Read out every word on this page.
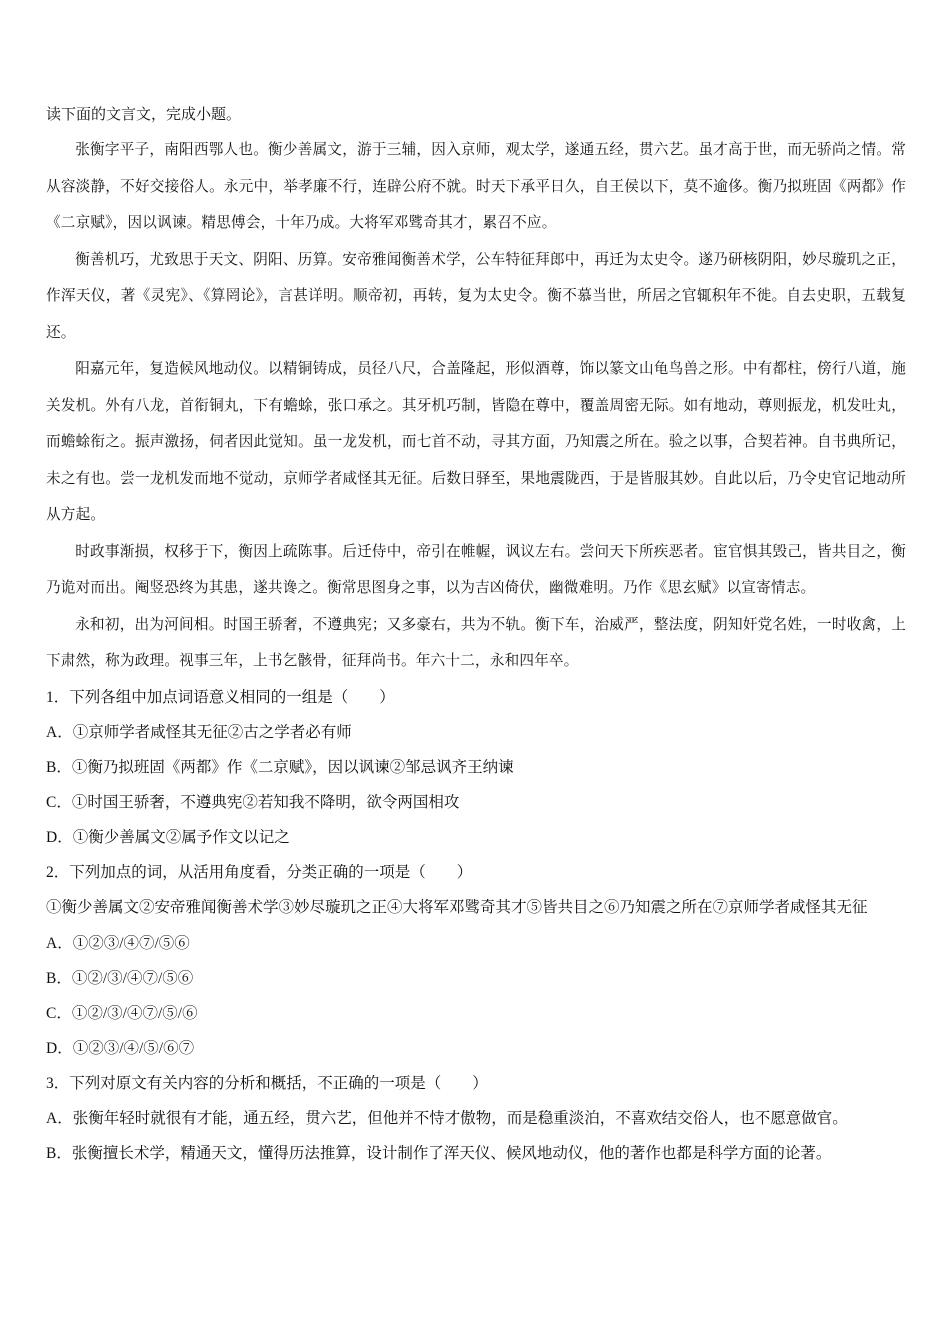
读下面的文言文，完成小题。

张衡字平子，南阳西鄂人也。衡少善属文，游于三辅，因入京师，观太学，遂通五经，贯六艺。虽才高于世，而无骄尚之情。常从容淡静，不好交接俗人。永元中，举孝廉不行，连辟公府不就。时天下承平日久，自王侯以下，莫不逾侈。衡乃拟班固《两都》作《二京赋》，因以讽谏。精思傅会，十年乃成。大将军邓骘奇其才，累召不应。

衡善机巧，尤致思于天文、阴阳、历算。安帝雅闻衡善术学，公车特征拜郎中，再迁为太史令。遂乃研核阴阳，妙尽璇玑之正，作浑天仪，著《灵宪》、《算罔论》，言甚详明。顺帝初，再转，复为太史令。衡不慕当世，所居之官辄积年不徙。自去史职，五载复还。

阳嘉元年，复造候风地动仪。以精铜铸成，员径八尺，合盖隆起，形似酒尊，饰以篆文山龟鸟兽之形。中有都柱，傍行八道，施关发机。外有八龙，首衔铜丸，下有蟾蜍，张口承之。其牙机巧制，皆隐在尊中，覆盖周密无际。如有地动，尊则振龙，机发吐丸，而蟾蜍衔之。振声激扬，伺者因此觉知。虽一龙发机，而七首不动，寻其方面，乃知震之所在。验之以事，合契若神。自书典所记，未之有也。尝一龙机发而地不觉动，京师学者咸怪其无征。后数日驿至，果地震陇西，于是皆服其妙。自此以后，乃令史官记地动所从方起。

时政事渐损，权移于下，衡因上疏陈事。后迁侍中，帝引在帷幄，讽议左右。尝问天下所疾恶者。宦官惧其毁己，皆共目之，衡乃诡对而出。阉竖恐终为其患，遂共谗之。衡常思图身之事，以为吉凶倚伏，幽微难明。乃作《思玄赋》以宣寄情志。

永和初，出为河间相。时国王骄奢，不遵典宪；又多豪右，共为不轨。衡下车，治威严，整法度，阴知奸党名姓，一时收禽，上下肃然，称为政理。视事三年，上书乞骸骨，征拜尚书。年六十二，永和四年卒。

1．下列各组中加点词语意义相同的一组是（　　）

A．①京师学者咸怪其无征②古之学者必有师
B．①衡乃拟班固《两都》作《二京赋》，因以讽谏②邹忌讽齐王纳谏
C．①时国王骄奢，不遵典宪②若知我不降明，欲令两国相攻
D．①衡少善属文②属予作文以记之

2．下列加点的词，从活用角度看，分类正确的一项是（　　）

①衡少善属文②安帝雅闻衡善术学③妙尽璇玑之正④大将军邓骘奇其才⑤皆共目之⑥乃知震之所在⑦京师学者咸怪其无征

A．①②③/④⑦/⑤⑥
B．①②/③/④⑦/⑤⑥
C．①②/③/④⑦/⑤/⑥
D．①②③/④/⑤/⑥⑦

3．下列对原文有关内容的分析和概括，不正确的一项是（　　）

A．张衡年轻时就很有才能，通五经，贯六艺，但他并不恃才傲物，而是稳重淡泊，不喜欢结交俗人，也不愿意做官。
B．张衡擅长术学，精通天文，懂得历法推算，设计制作了浑天仪、候风地动仪，他的著作也都是科学方面的论著。
